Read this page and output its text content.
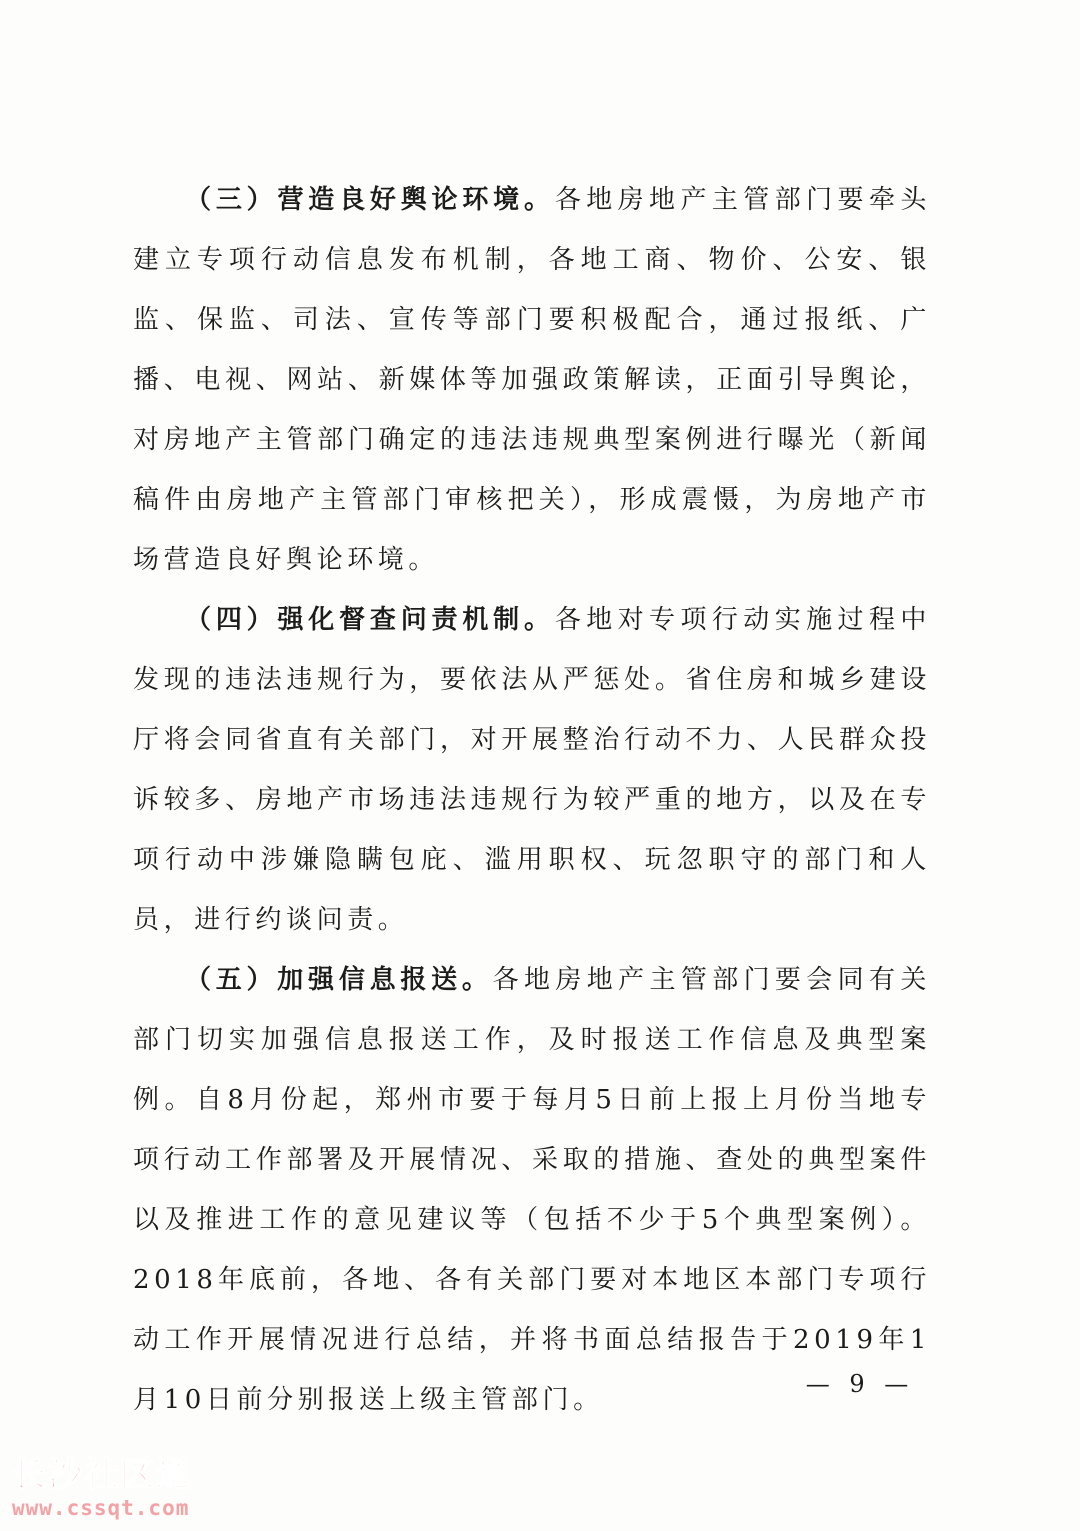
（三）营造良好舆论环境。各地房地产主管部门要牵头建立专项行动信息发布机制，各地工商、物价、公安、银监、保监、司法、宣传等部门要积极配合，通过报纸、广播、电视、网站、新媒体等加强政策解读，正面引导舆论，对房地产主管部门确定的违法违规典型案例进行曝光（新闻稿件由房地产主管部门审核把关），形成震慑，为房地产市场营造良好舆论环境。

（四）强化督查问责机制。各地对专项行动实施过程中发现的违法违规行为，要依法从严惩处。省住房和城乡建设厅将会同省直有关部门，对开展整治行动不力、人民群众投诉较多、房地产市场违法违规行为较严重的地方，以及在专项行动中涉嫌隐瞒包庇、滥用职权、玩忽职守的部门和人员，进行约谈问责。

（五）加强信息报送。各地房地产主管部门要会同有关部门切实加强信息报送工作，及时报送工作信息及典型案例。自8月份起，郑州市要于每月5日前上报上月份当地专项行动工作部署及开展情况、采取的措施、查处的典型案件以及推进工作的意见建议等（包括不少于5个典型案例）。2018年底前，各地、各有关部门要对本地区本部门专项行动工作开展情况进行总结，并将书面总结报告于2019年1月10日前分别报送上级主管部门。

— 9 —
长沙社区通
www.cssqt.com
